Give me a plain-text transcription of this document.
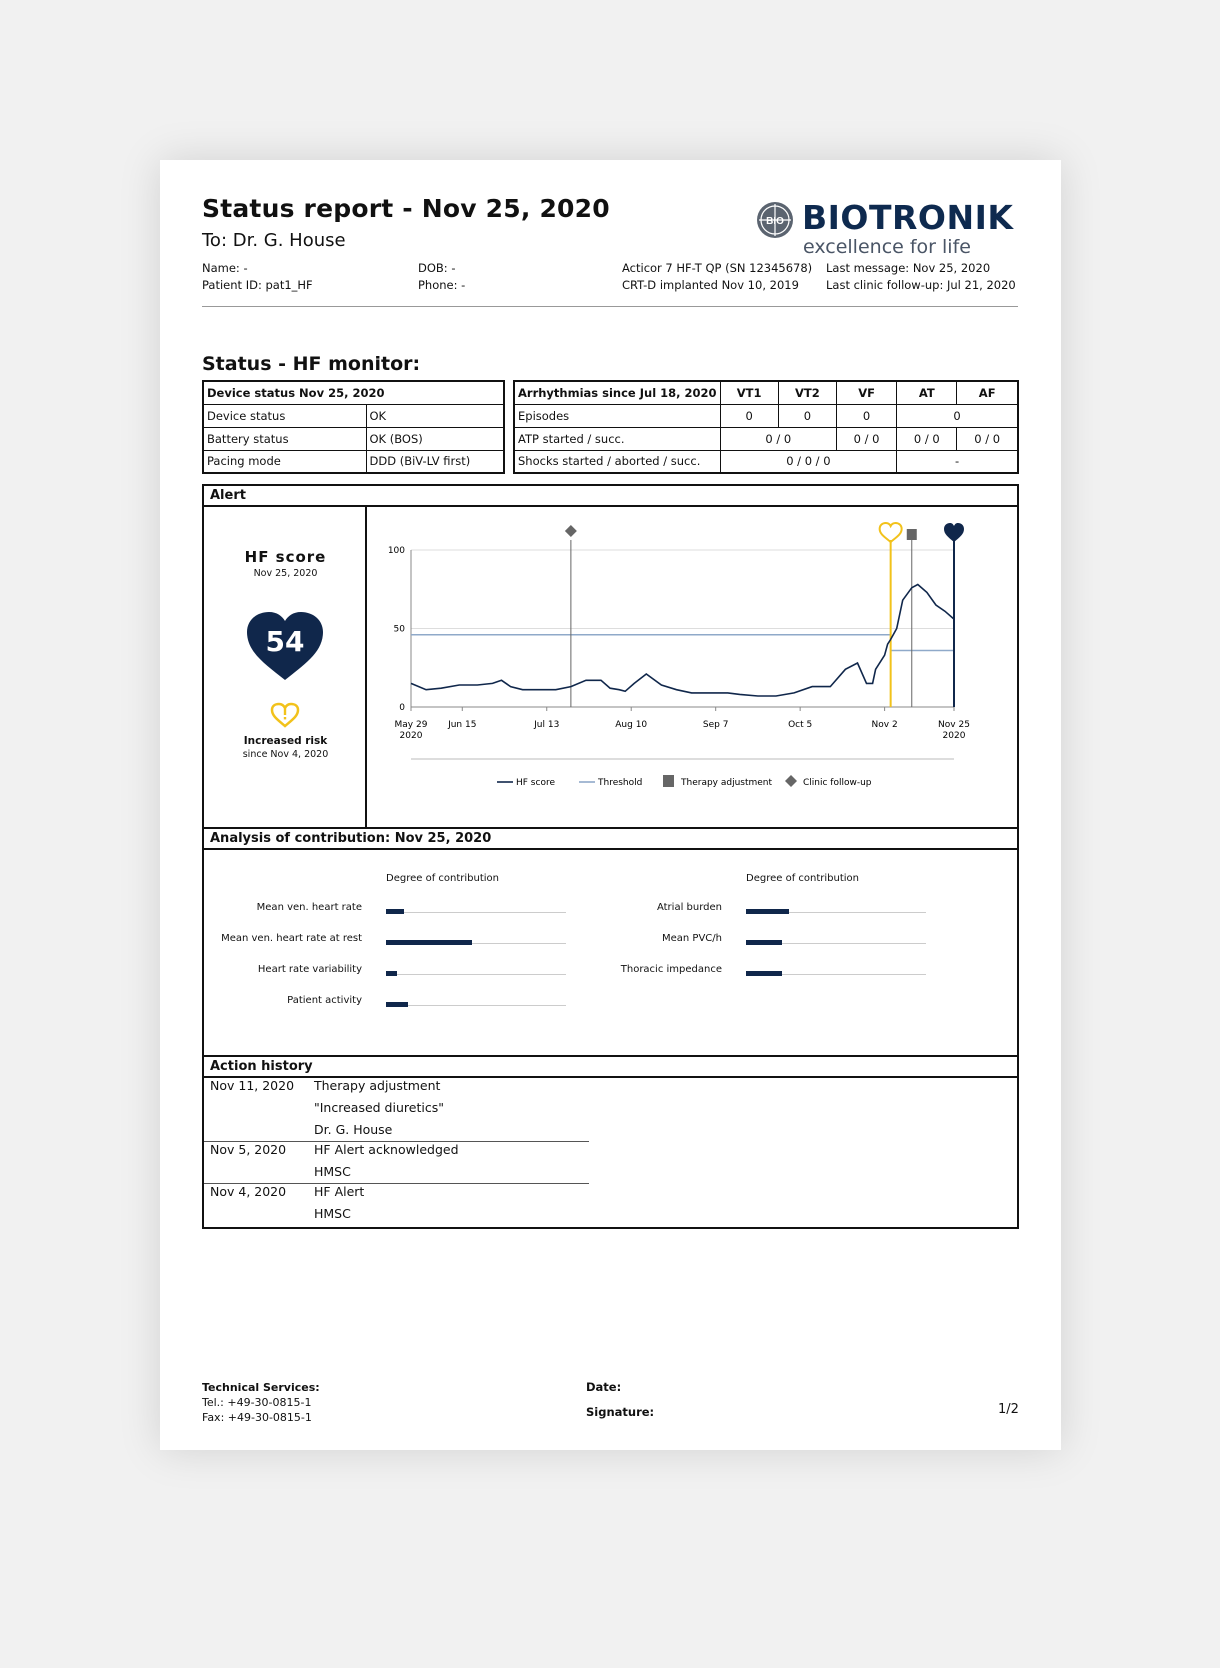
Status report - Nov 25, 2020
To: Dr. G. House
BIO BIOTRONIK
excellence for life
Name: -
Patient ID: pat1_HF
DOB: -
Phone: -
Acticor 7 HF-T QP (SN 12345678)
CRT-D implanted Nov 10, 2019
Last message: Nov 25, 2020
Last clinic follow-up: Jul 21, 2020
Status - HF monitor:
Device status Nov 25, 2020	
Device status	OK
Battery status	OK (BOS)
Pacing mode	DDD (BiV-LV first)
Arrhythmias since Jul 18, 2020	VT1	VT2	VF	AT	AF
Episodes	0	0	0	0	
ATP started / succ.	0 / 0		0 / 0	0 / 0	0 / 0
Shocks started / aborted / succ.	0 / 0 / 0			-	
Alert
HF score
Nov 25, 2020
54
Increased risk
since Nov 4, 2020
100
50
0
May 29
2020
Jun 15	Jul 13	Aug 10	Sep 7	Oct 5	Nov 2	Nov 25
2020
HF score	Threshold	Therapy adjustment	Clinic follow-up
Analysis of contribution: Nov 25, 2020
Degree of contribution
Mean ven. heart rate
Mean ven. heart rate at rest
Heart rate variability
Patient activity
Degree of contribution
Atrial burden
Mean PVC/h
Thoracic impedance
Action history
Nov 11, 2020 Therapy adjustment
"Increased diuretics"
Dr. G. House
Nov 5, 2020 HF Alert acknowledged
HMSC
Nov 4, 2020 HF Alert
HMSC
Technical Services:
Tel.: +49-30-0815-1
Fax: +49-30-0815-1
Date:
Signature:	1/2
